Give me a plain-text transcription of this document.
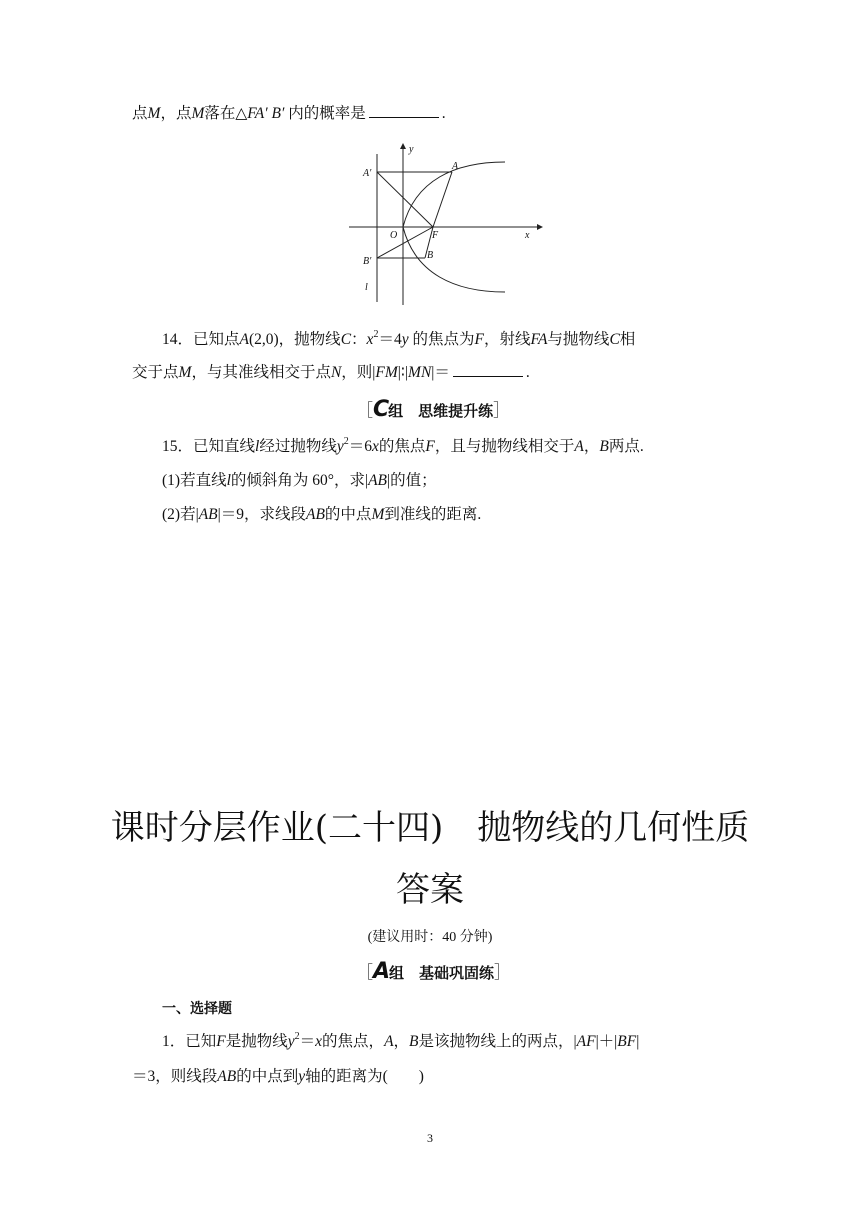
点M，点M落在△FA′ B′ 内的概率是	.
y
x
A′
A
O	F
B′
B
l
14．已知点A(2,0)，抛物线C：$x^2=4y$ 的焦点为F，射线FA与抛物线C相
交于点M，与其准线相交于点N，则|FM|∶|MN|＝	.
［C组　思维提升练］
15．已知直线l经过抛物线$y^2=6x$的焦点F，且与抛物线相交于A，B两点.
(1)若直线l的倾斜角为 60°，求|AB|的值；
(2)若|AB|＝9，求线段AB的中点M到准线的距离.
课时分层作业(二十四)　抛物线的几何性质
答案
(建议用时：40 分钟)
［A组　基础巩固练］
一、选择题
1．已知F是抛物线$y^2=x$的焦点，A，B是该抛物线上的两点，|AF|＋|BF|
＝3，则线段AB的中点到y轴的距离为(　　)
3
